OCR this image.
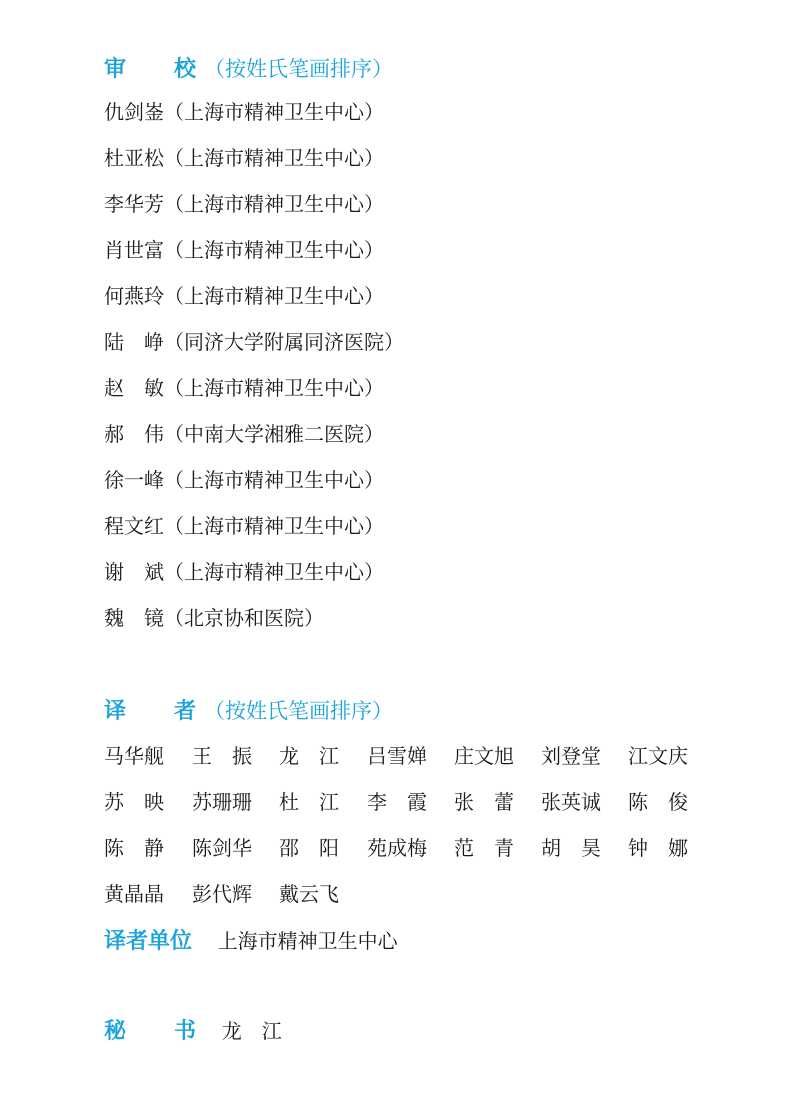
审 校 （按姓氏笔画排序）
仇剑崟（上海市精神卫生中心）
杜亚松（上海市精神卫生中心）
李华芳（上海市精神卫生中心）
肖世富（上海市精神卫生中心）
何燕玲（上海市精神卫生中心）
陆　峥（同济大学附属同济医院）
赵　敏（上海市精神卫生中心）
郝　伟（中南大学湘雅二医院）
徐一峰（上海市精神卫生中心）
程文红（上海市精神卫生中心）
谢　斌（上海市精神卫生中心）
魏　镜（北京协和医院）
译 者 （按姓氏笔画排序）
马华舰 王　振 龙　江 吕雪婵 庄文旭 刘登堂 江文庆
苏　映 苏珊珊 杜　江 李　霞 张　蕾 张英诚 陈　俊
陈　静 陈剑华 邵　阳 苑成梅 范　青 胡　昊 钟　娜
黄晶晶 彭代辉 戴云飞
译者单位 上海市精神卫生中心
秘 书 龙　江
